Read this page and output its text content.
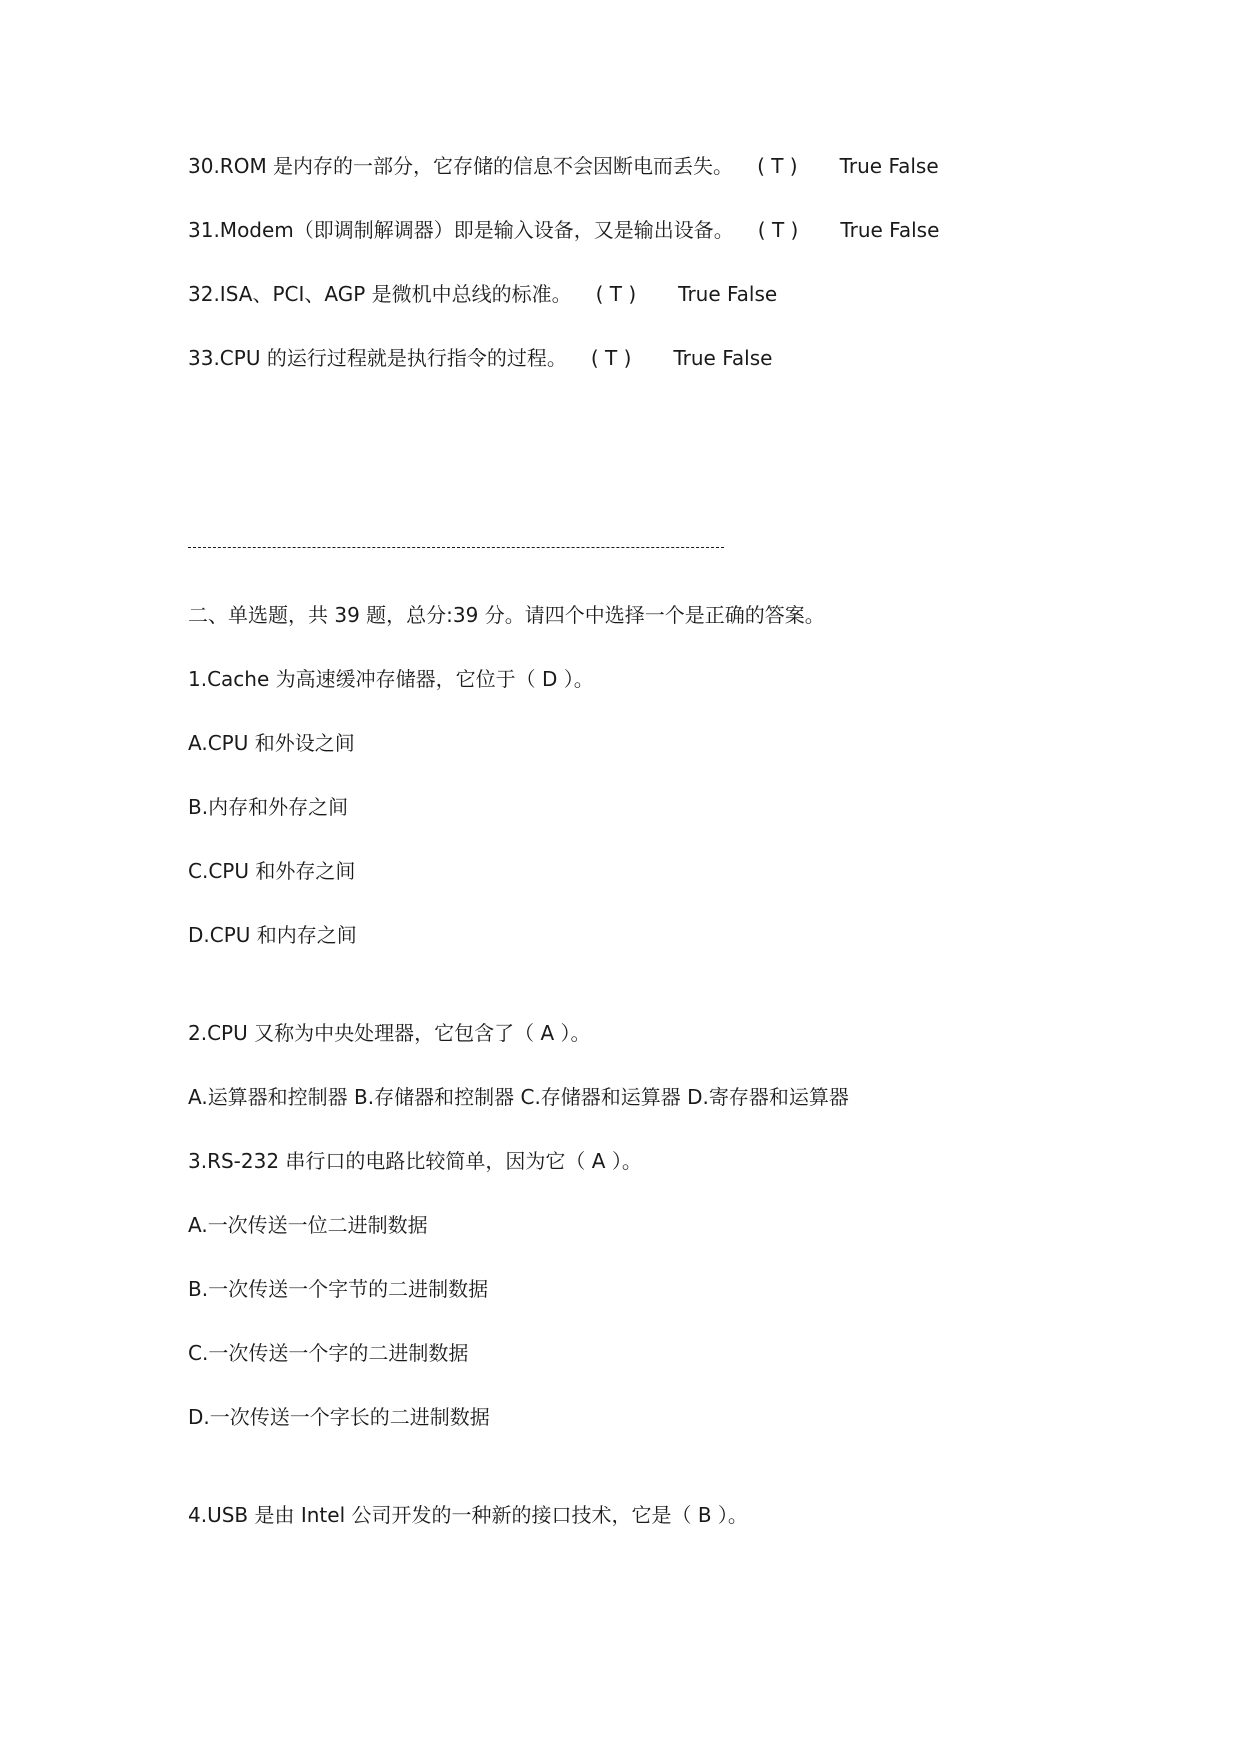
30.ROM 是内存的一部分，它存储的信息不会因断电而丢失。 ( T ) True False
31.Modem（即调制解调器）即是输入设备，又是输出设备。 ( T ) True False
32.ISA、PCI、AGP 是微机中总线的标准。 ( T ) True False
33.CPU 的运行过程就是执行指令的过程。 ( T ) True False
二、单选题，共 39 题，总分:39 分。请四个中选择一个是正确的答案。
1.Cache 为高速缓冲存储器，它位于（ D ）。
A.CPU 和外设之间
B.内存和外存之间
C.CPU 和外存之间
D.CPU 和内存之间
2.CPU 又称为中央处理器，它包含了（ A ）。
A.运算器和控制器 B.存储器和控制器 C.存储器和运算器 D.寄存器和运算器
3.RS-232 串行口的电路比较简单，因为它（ A ）。
A.一次传送一位二进制数据
B.一次传送一个字节的二进制数据
C.一次传送一个字的二进制数据
D.一次传送一个字长的二进制数据
4.USB 是由 Intel 公司开发的一种新的接口技术，它是（ B ）。
